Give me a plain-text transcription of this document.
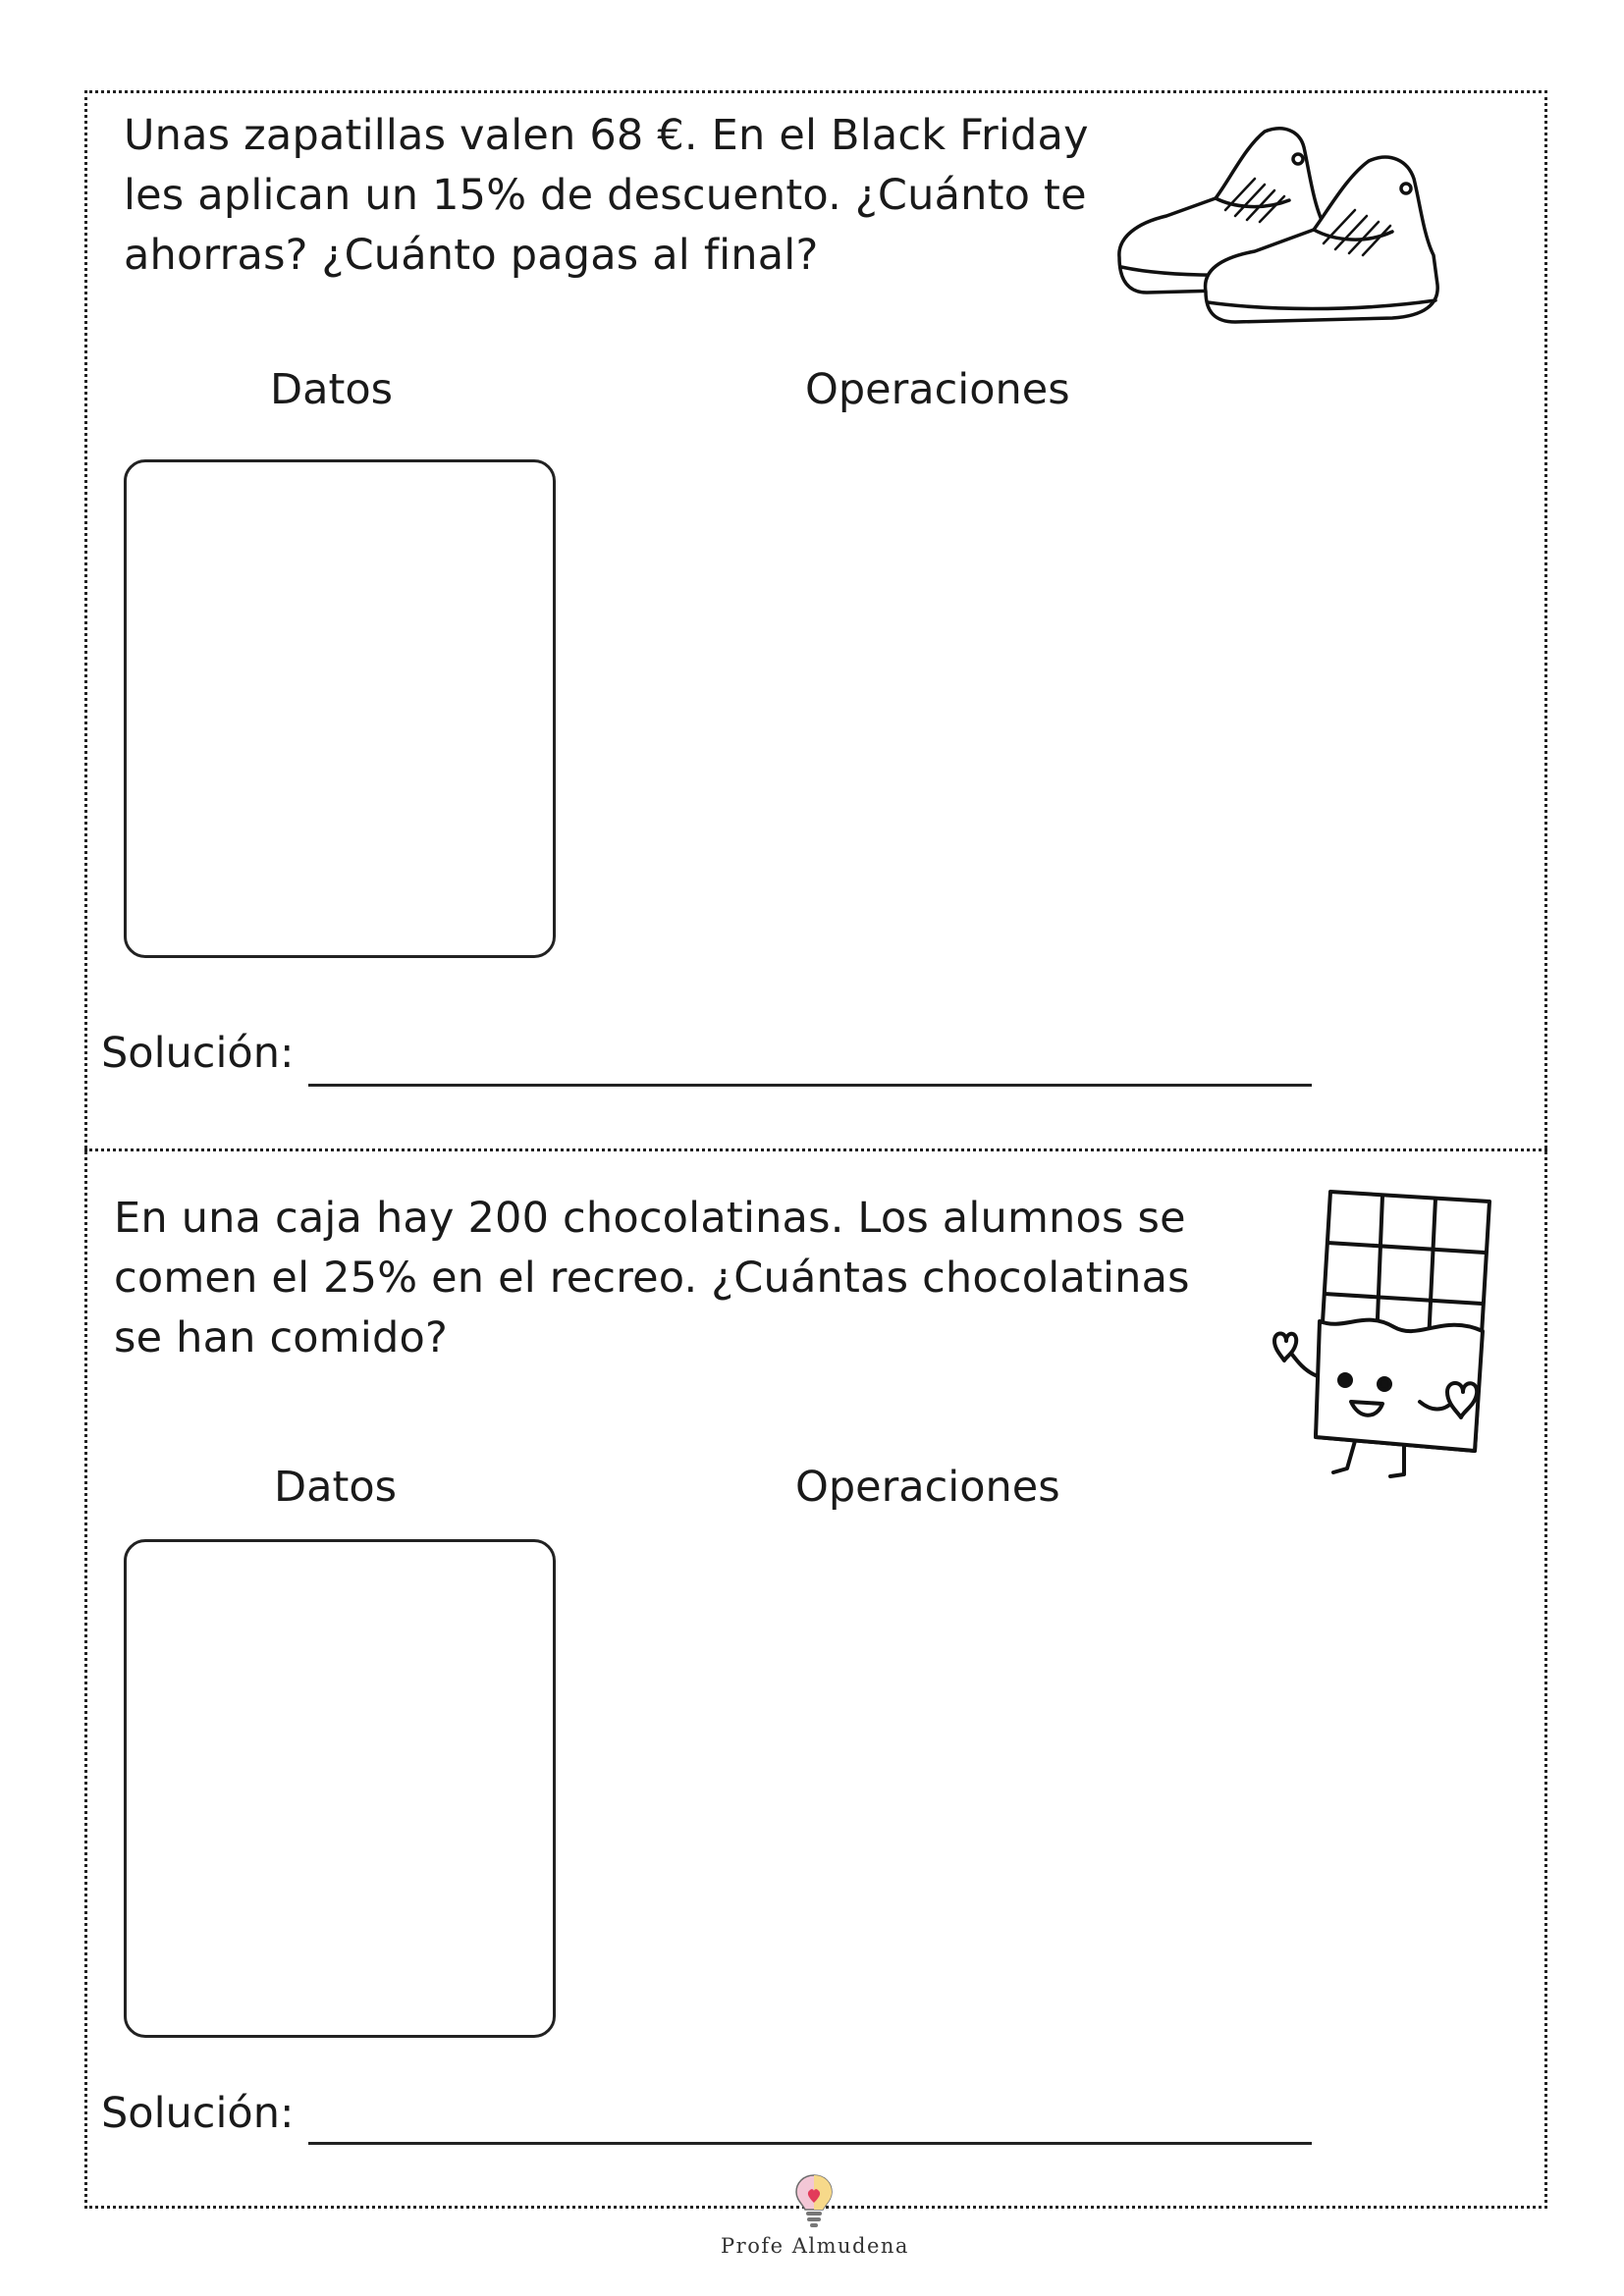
Unas zapatillas valen 68 €. En el Black Friday les aplican un 15% de descuento. ¿Cuánto te ahorras? ¿Cuánto pagas al final?
Datos	Operaciones
Solución:
En una caja hay 200 chocolatinas. Los alumnos se comen el 25% en el recreo. ¿Cuántas chocolatinas se han comido?
Datos	Operaciones
Solución:
Profe Almudena
